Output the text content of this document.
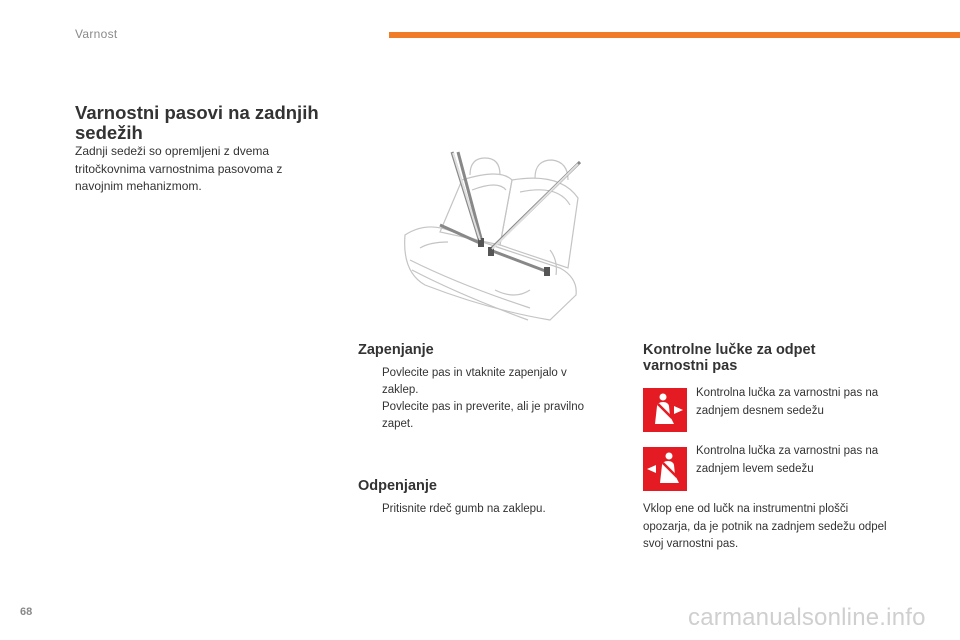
Varnost
Varnostni pasovi na zadnjih sedežih

Zadnji sedeži so opremljeni z dvema tritočkovnima varnostnima pasovoma z navojnim mehanizmom.

Zapenjanje
Povlecite pas in vtaknite zapenjalo v zaklep.
Povlecite pas in preverite, ali je pravilno zapet.
Odpenjanje
Pritisnite rdeč gumb na zaklepu.
Kontrolne lučke za odpet varnostni pas

Kontrolna lučka za varnostni pas na zadnjem desnem sedežu

Kontrolna lučka za varnostni pas na zadnjem levem sedežu

Vklop ene od lučk na instrumentni plošči opozarja, da je potnik na zadnjem sedežu odpel svoj varnostni pas.

68	carmanualsonline.info
